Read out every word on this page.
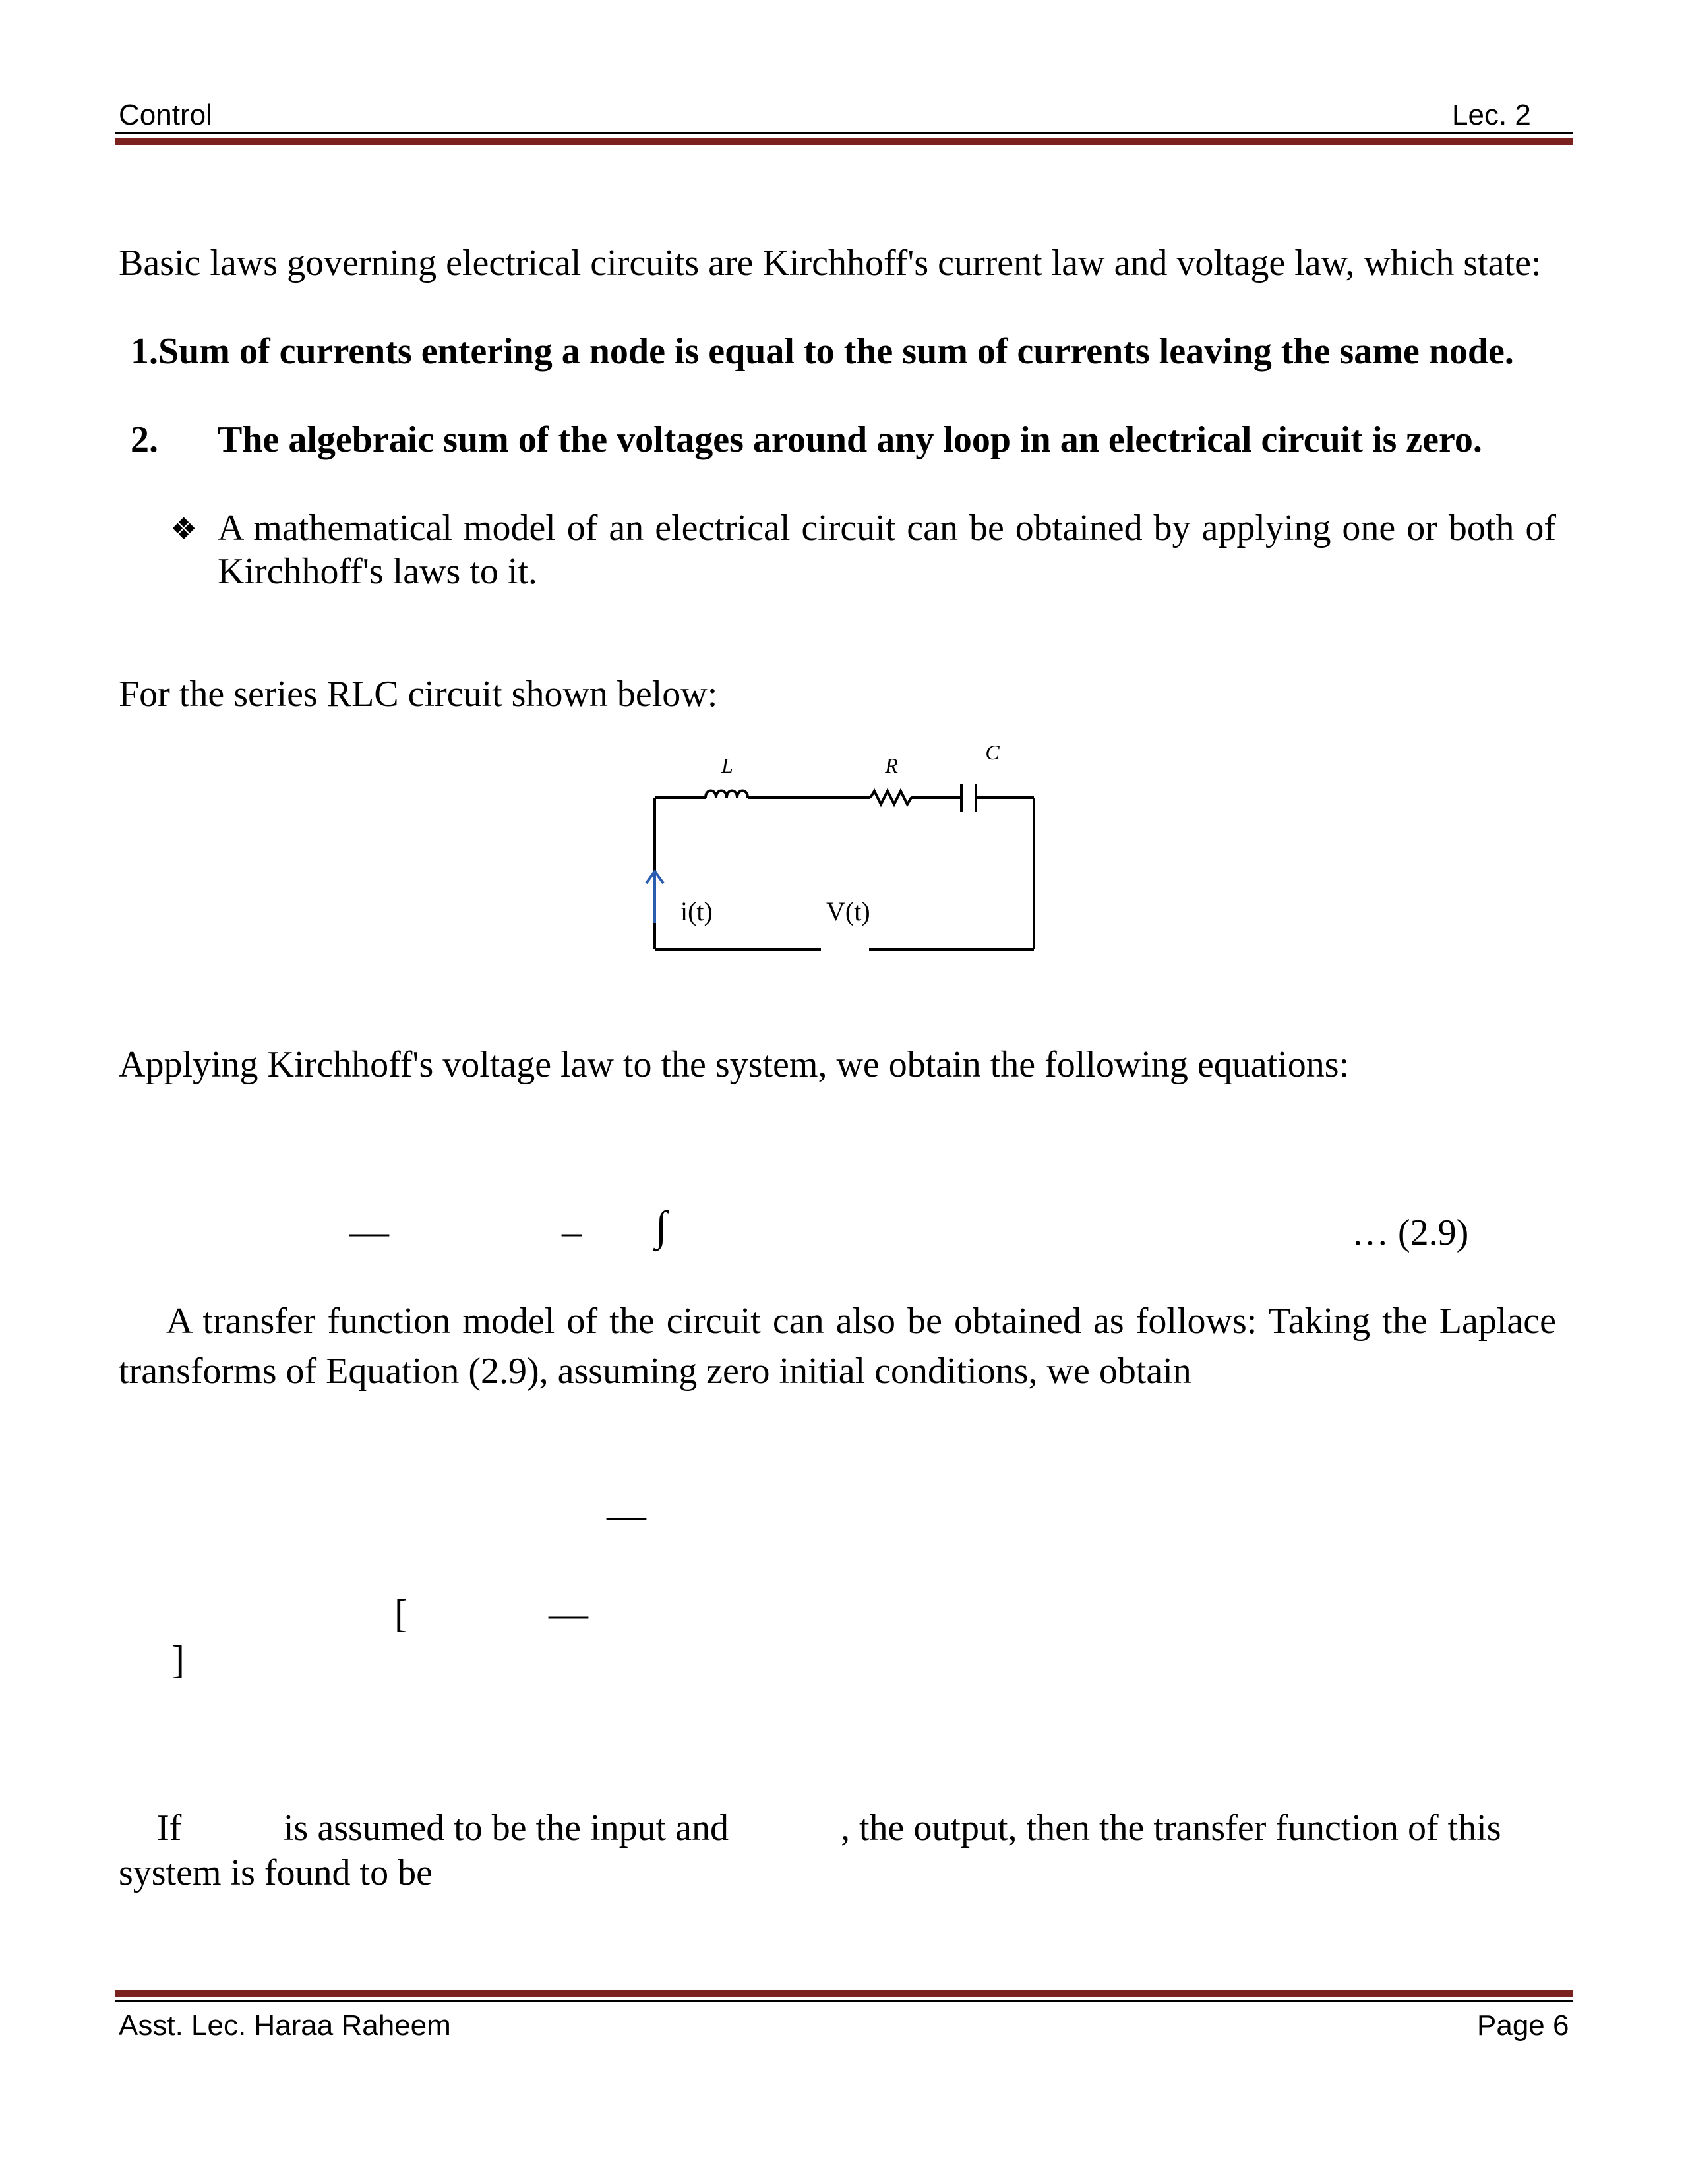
Control	Lec. 2
Basic laws governing electrical circuits are Kirchhoff's current law and voltage law, which state:
1.Sum of currents entering a node is equal to the sum of currents leaving the same node.
2. The algebraic sum of the voltages around any loop in an electrical circuit is zero.
❖ A mathematical model of an electrical circuit can be obtained by applying one or both of Kirchhoff's laws to it.
For the series RLC circuit shown below:
L	R
C
i(t)	V(t)
Applying Kirchhoff's voltage law to the system, we obtain the following equations:
—	– ∫	… (2.9)
A transfer function model of the circuit can also be obtained as follows: Taking the Laplace transforms of Equation (2.9), assuming zero initial conditions, we obtain
—
[	—
]
If	is assumed to be the input and	, the output, then the transfer function of this
system is found to be
Asst. Lec. Haraa Raheem	Page 6
